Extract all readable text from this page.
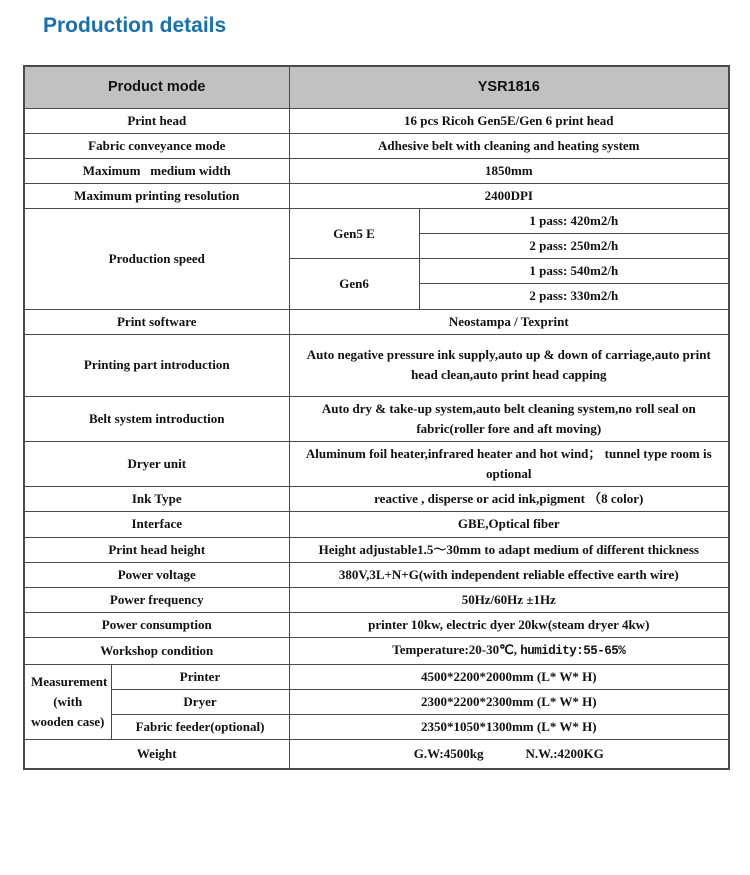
Production details
Product mode		YSR1816	
Print head		16 pcs Ricoh Gen5E/Gen 6 print head	
Fabric conveyance mode		Adhesive belt with cleaning and heating system	
Maximum   medium width		1850mm	
Maximum printing resolution		2400DPI	
Production speed		Gen5 E	1 pass: 420m2/h
			2 pass: 250m2/h
		Gen6	1 pass: 540m2/h
			2 pass: 330m2/h
Print software		Neostampa / Texprint	
Printing part introduction		Auto negative pressure ink supply,auto up & down of carriage,auto print head clean,auto print head capping	
Belt system introduction		Auto dry & take-up system,auto belt cleaning system,no roll seal on fabric(roller fore and aft moving)	
Dryer unit		Aluminum foil heater,infrared heater and hot wind； tunnel type room is optional	
Ink Type		reactive , disperse or acid ink,pigment （8 color)	
Interface		GBE,Optical fiber	
Print head height		Height adjustable1.5～30mm to adapt medium of different thickness	
Power voltage		380V,3L+N+G(with independent reliable effective earth wire)	
Power frequency		50Hz/60Hz ±1Hz	
Power consumption		printer 10kw, electric dyer 20kw(steam dryer 4kw)	
Workshop condition		Temperature:20-30℃, humidity:55-65%	
Measurement (with wooden case)	Printer	4500*2200*2000mm (L* W* H)	
	Dryer	2300*2200*2300mm (L* W* H)	
	Fabric feeder(optional)	2350*1050*1300mm (L* W* H)	
Weight		G.W:4500kg N.W.:4200KG	
